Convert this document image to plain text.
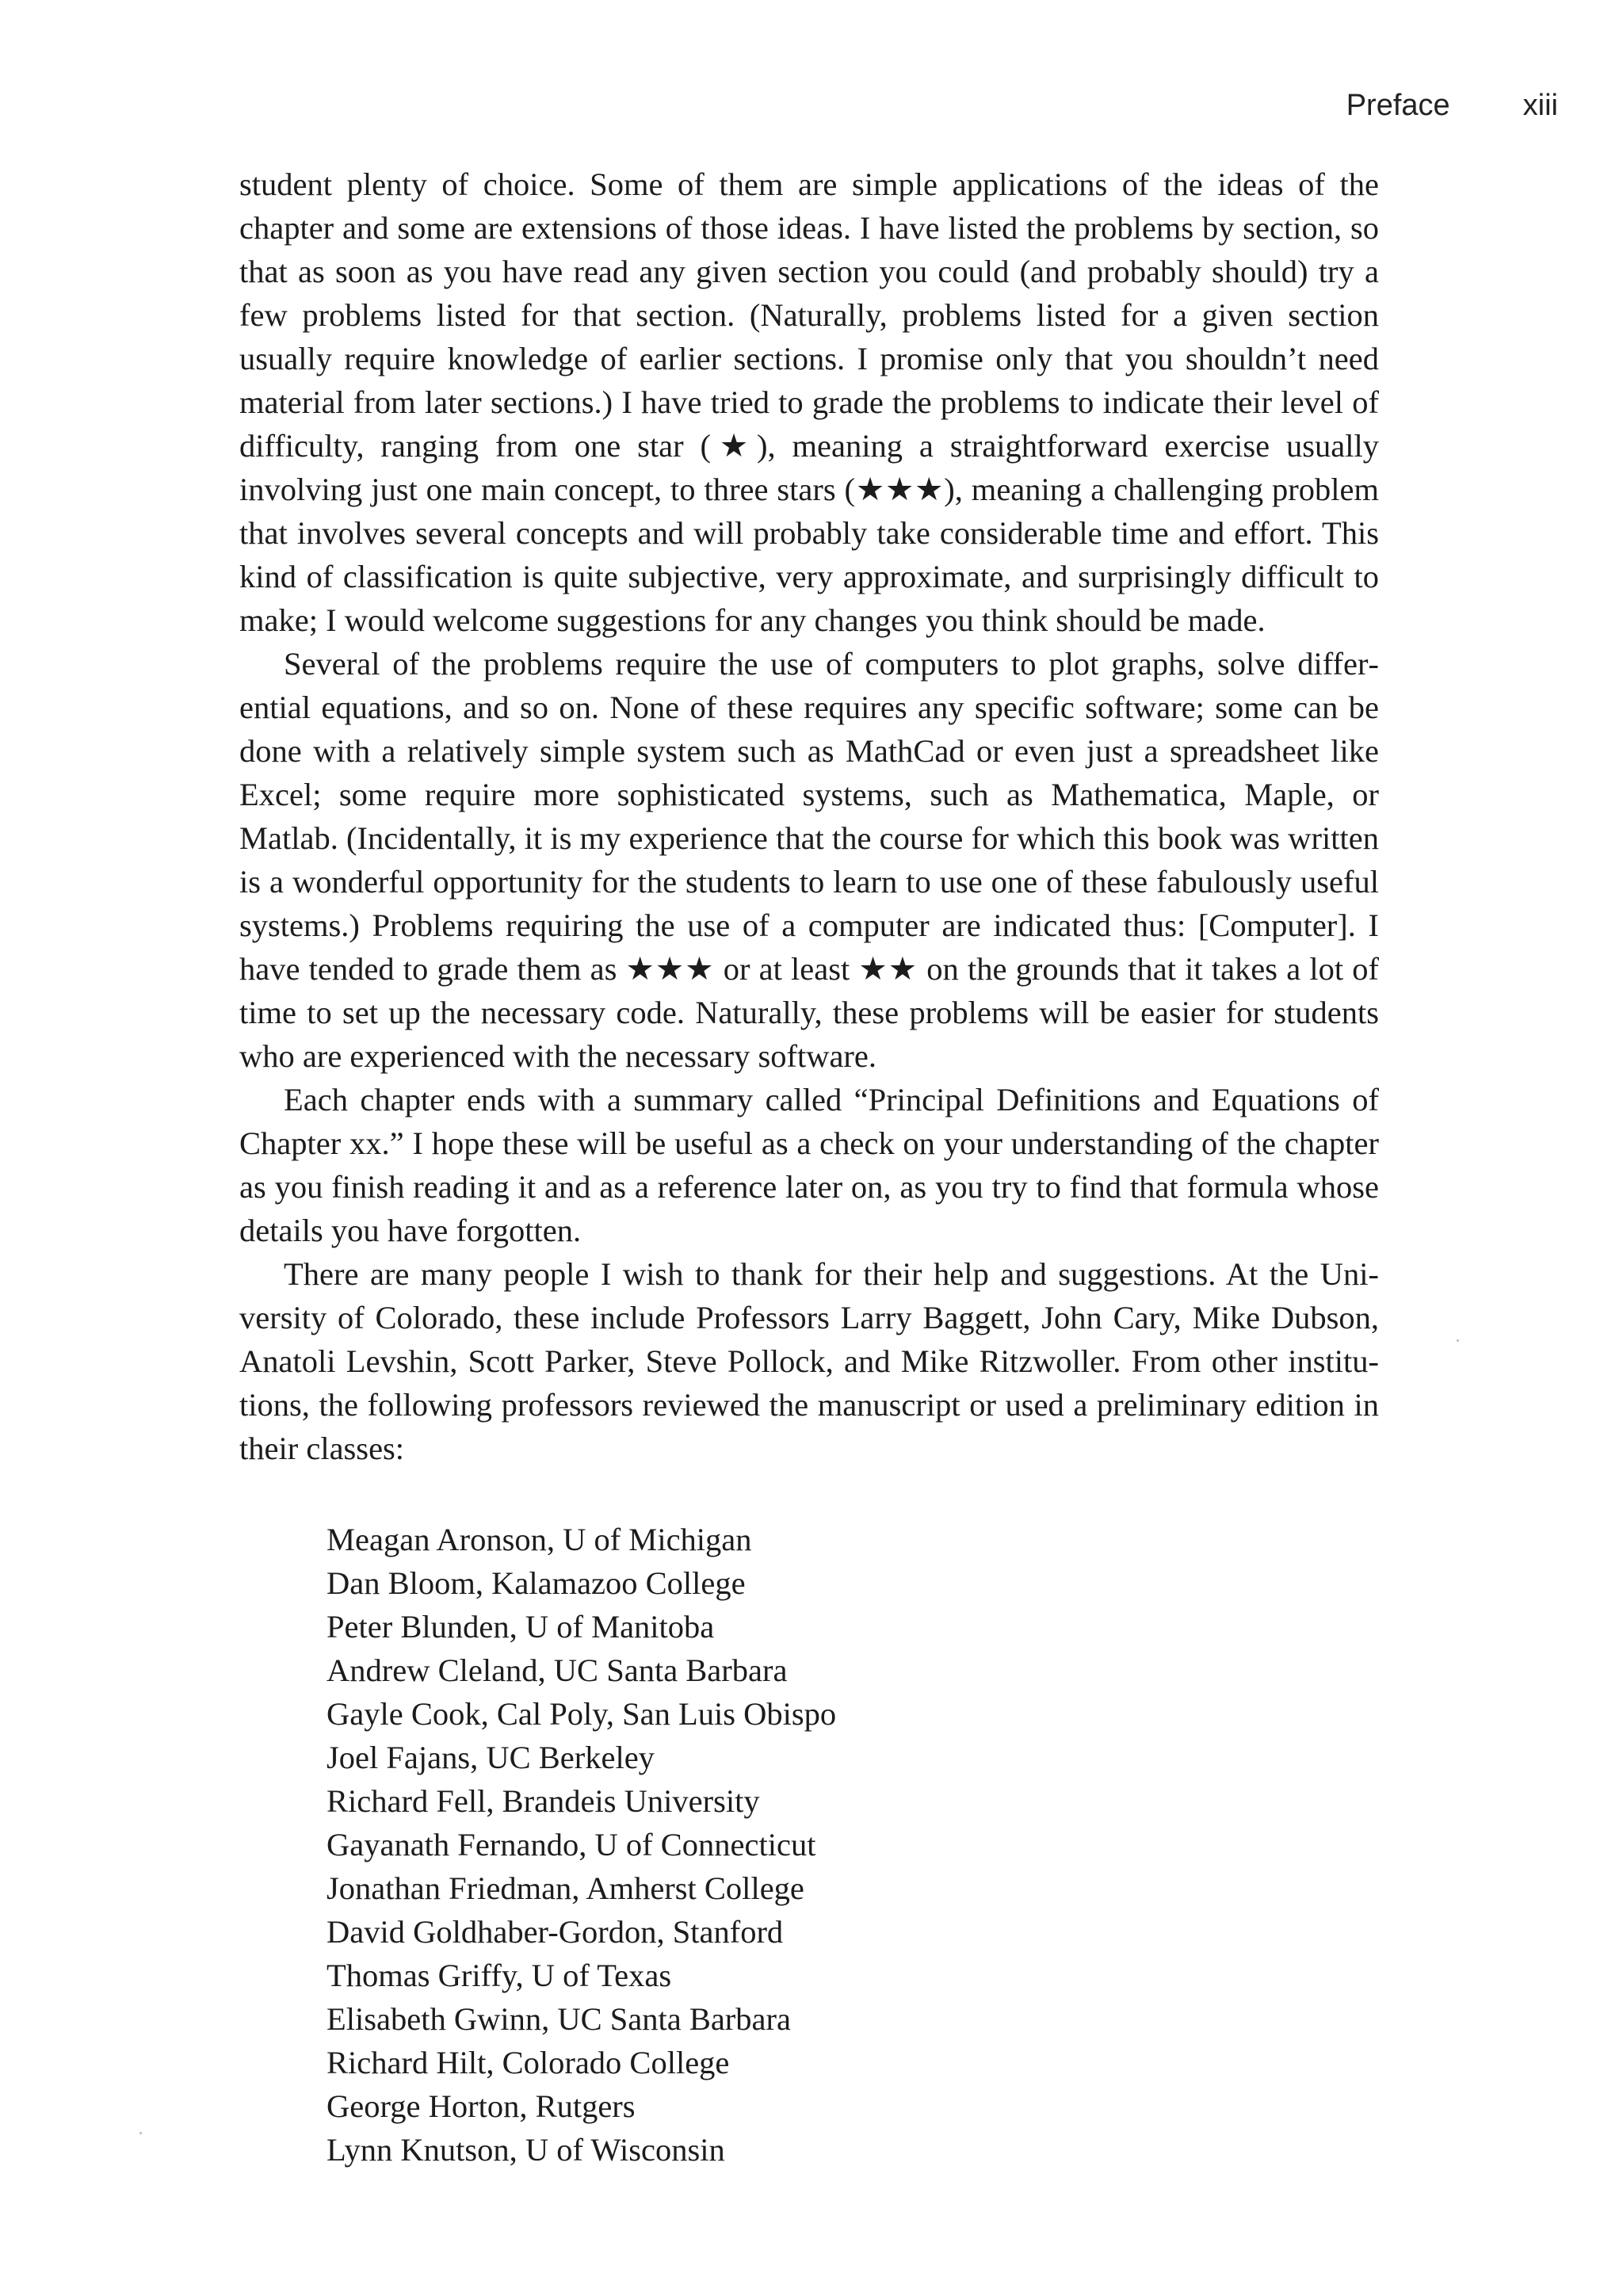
Preface xiii

student plenty of choice. Some of them are simple applications of the ideas of the chapter and some are extensions of those ideas. I have listed the problems by section, so that as soon as you have read any given section you could (and probably should) try a few problems listed for that section. (Naturally, problems listed for a given section usually require knowledge of earlier sections. I promise only that you shouldn’t need material from later sections.) I have tried to grade the problems to indicate their level of difficulty, ranging from one star (★), meaning a straightforward exercise usually involving just one main concept, to three stars (★★★), meaning a challenging problem that involves several concepts and will probably take considerable time and effort. This kind of classification is quite subjective, very approximate, and surprisingly difficult to make; I would welcome suggestions for any changes you think should be made.

Several of the problems require the use of computers to plot graphs, solve differential equations, and so on. None of these requires any specific software; some can be done with a relatively simple system such as MathCad or even just a spreadsheet like Excel; some require more sophisticated systems, such as Mathematica, Maple, or Matlab. (Incidentally, it is my experience that the course for which this book was written is a wonderful opportunity for the students to learn to use one of these fabulously useful systems.) Problems requiring the use of a computer are indicated thus: [Computer]. I have tended to grade them as ★★★ or at least ★★ on the grounds that it takes a lot of time to set up the necessary code. Naturally, these problems will be easier for students who are experienced with the necessary software.

Each chapter ends with a summary called “Principal Definitions and Equations of Chapter xx.” I hope these will be useful as a check on your understanding of the chapter as you finish reading it and as a reference later on, as you try to find that formula whose details you have forgotten.

There are many people I wish to thank for their help and suggestions. At the University of Colorado, these include Professors Larry Baggett, John Cary, Mike Dubson, Anatoli Levshin, Scott Parker, Steve Pollock, and Mike Ritzwoller. From other institutions, the following professors reviewed the manuscript or used a preliminary edition in their classes:

Meagan Aronson, U of Michigan
Dan Bloom, Kalamazoo College
Peter Blunden, U of Manitoba
Andrew Cleland, UC Santa Barbara
Gayle Cook, Cal Poly, San Luis Obispo
Joel Fajans, UC Berkeley
Richard Fell, Brandeis University
Gayanath Fernando, U of Connecticut
Jonathan Friedman, Amherst College
David Goldhaber-Gordon, Stanford
Thomas Griffy, U of Texas
Elisabeth Gwinn, UC Santa Barbara
Richard Hilt, Colorado College
George Horton, Rutgers
Lynn Knutson, U of Wisconsin
